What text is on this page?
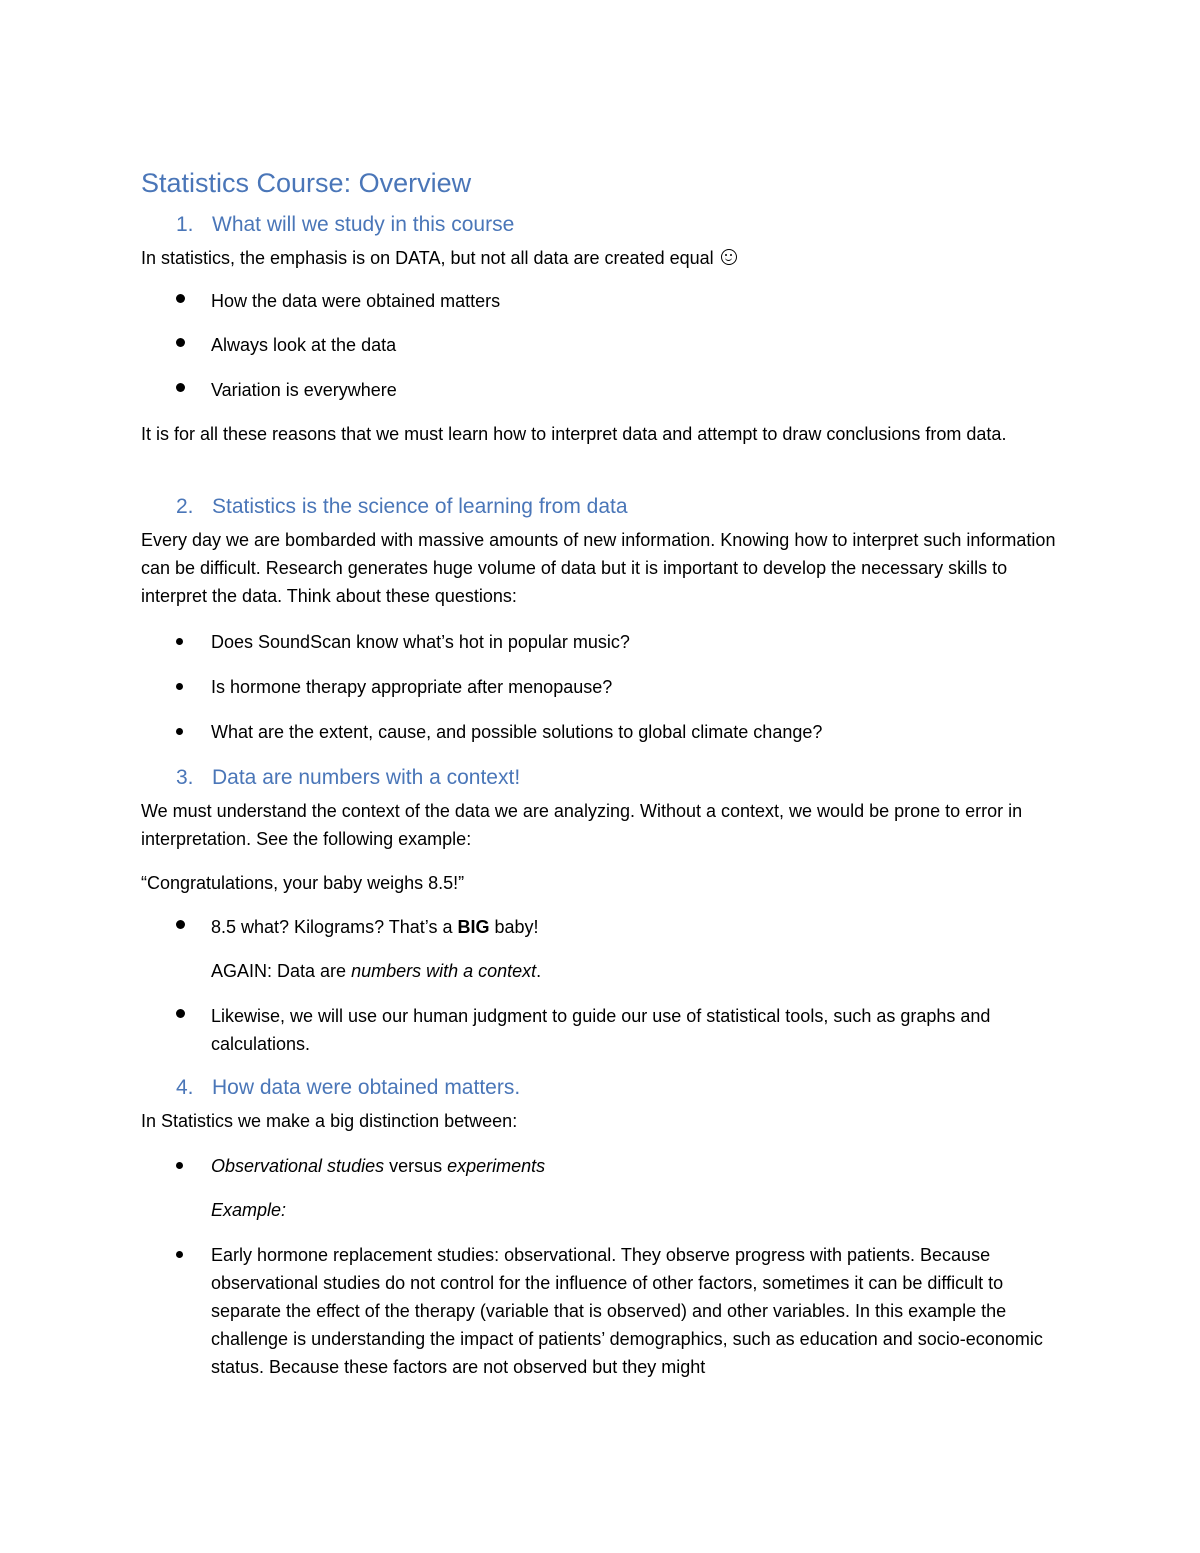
Statistics Course: Overview
1. What will we study in this course

In statistics, the emphasis is on DATA, but not all data are created equal

How the data were obtained matters

Always look at the data

Variation is everywhere

It is for all these reasons that we must learn how to interpret data and attempt to draw conclusions from data.

2. Statistics is the science of learning from data

Every day we are bombarded with massive amounts of new information. Knowing how to interpret such information can be difficult. Research generates huge volume of data but it is important to develop the necessary skills to interpret the data. Think about these questions:

Does SoundScan know what’s hot in popular music?

Is hormone therapy appropriate after menopause?

What are the extent, cause, and possible solutions to global climate change?

3. Data are numbers with a context!

We must understand the context of the data we are analyzing. Without a context, we would be prone to error in interpretation. See the following example:

“Congratulations, your baby weighs 8.5!”

8.5 what? Kilograms? That’s a BIG baby!

AGAIN: Data are numbers with a context.

Likewise, we will use our human judgment to guide our use of statistical tools, such as graphs and calculations.

4. How data were obtained matters.

In Statistics we make a big distinction between:

Observational studies versus experiments

Example:

Early hormone replacement studies: observational. They observe progress with patients. Because observational studies do not control for the influence of other factors, sometimes it can be difficult to separate the effect of the therapy (variable that is observed) and other variables. In this example the challenge is understanding the impact of patients’ demographics, such as education and socio-economic status. Because these factors are not observed but they might
